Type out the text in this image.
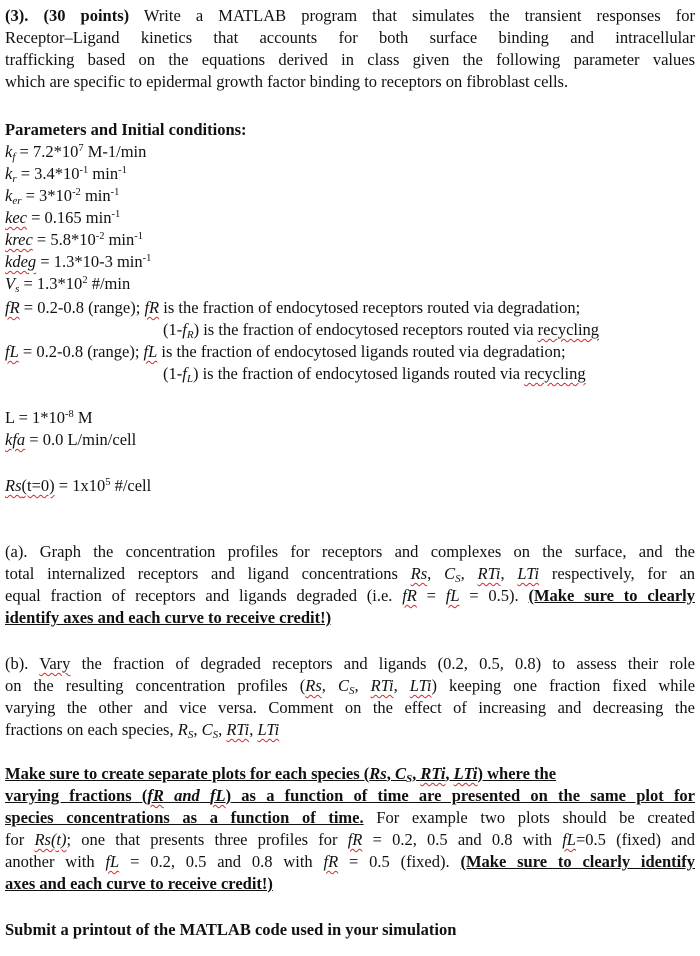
(3). (30 points) Write a MATLAB program that simulates the transient responses for
Receptor–Ligand kinetics that accounts for both surface binding and intracellular
trafficking based on the equations derived in class given the following parameter values
which are specific to epidermal growth factor binding to receptors on fibroblast cells.
Parameters and Initial conditions:
$k_f = 7.2*10^7$ M-1/min
$k_r = 3.4*10^{-1}$ $\min^{-1}$
$k_{er} = 3*10^{-2}$ $\min^{-1}$
kec = 0.165 $\min^{-1}$
krec = $5.8*10^{-2}$ $\min^{-1}$
kdeg = 1.3*10-3 $\min^{-1}$
$V_s = 1.3*10^2$ #/min
fR = 0.2-0.8 (range); fR is the fraction of endocytosed receptors routed via degradation;
$(1-f_R)$ is the fraction of endocytosed receptors routed via recycling
fL = 0.2-0.8 (range); fL is the fraction of endocytosed ligands routed via degradation;
$(1-f_L)$ is the fraction of endocytosed ligands routed via recycling
$L = 1*10^{-8}$ M
kfa = 0.0 L/min/cell
$Rs(t=0) = 1x10^5$ #/cell
(a). Graph the concentration profiles for receptors and complexes on the surface, and the
total internalized receptors and ligand concentrations Rs, $C_S$, RTi, LTi respectively, for an
equal fraction of receptors and ligands degraded (i.e. fR = fL = 0.5). (Make sure to clearly
identify axes and each curve to receive credit!)
(b). Vary the fraction of degraded receptors and ligands (0.2, 0.5, 0.8) to assess their role
on the resulting concentration profiles (Rs, $C_S$, RTi, LTi) keeping one fraction fixed while
varying the other and vice versa. Comment on the effect of increasing and decreasing the
fractions on each species, $R_S$, $C_S$, RTi, LTi
Make sure to create separate plots for each species (Rs, $C_S$, RTi, LTi) where the
varying fractions (fR and fL) as a function of time are presented on the same plot for
species concentrations as a function of time. For example two plots should be created
for Rs(t); one that presents three profiles for fR = 0.2, 0.5 and 0.8 with fL=0.5 (fixed) and
another with fL = 0.2, 0.5 and 0.8 with fR = 0.5 (fixed). (Make sure to clearly identify
axes and each curve to receive credit!)
Submit a printout of the MATLAB code used in your simulation
